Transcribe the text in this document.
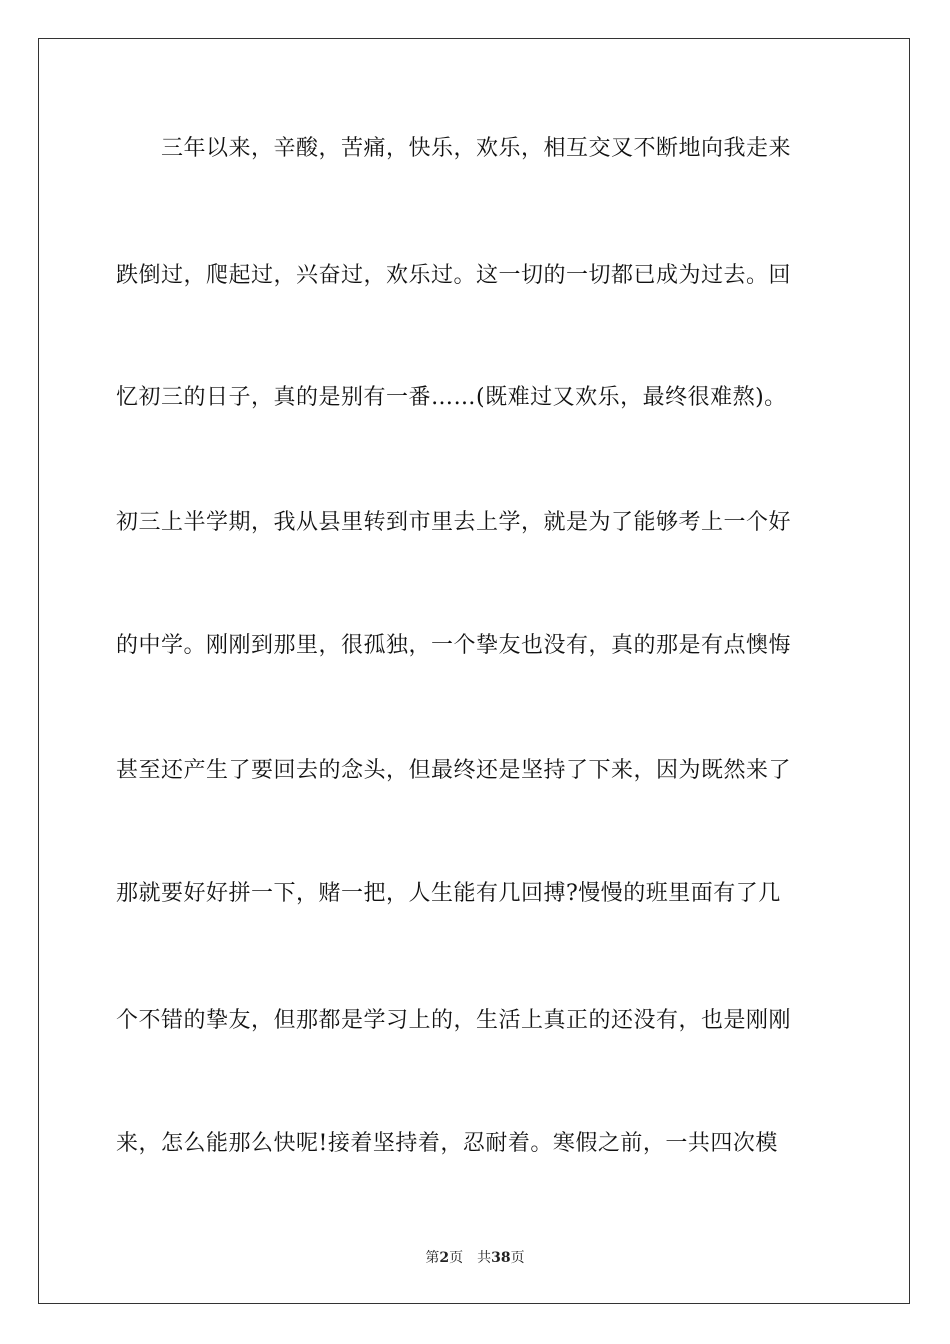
　　三年以来，辛酸，苦痛，快乐，欢乐，相互交叉不断地向我走来
跌倒过，爬起过，兴奋过，欢乐过。这一切的一切都已成为过去。回
忆初三的日子，真的是别有一番……(既难过又欢乐，最终很难熬)。
初三上半学期，我从县里转到市里去上学，就是为了能够考上一个好
的中学。刚刚到那里，很孤独，一个挚友也没有，真的那是有点懊悔
甚至还产生了要回去的念头，但最终还是坚持了下来，因为既然来了
那就要好好拼一下，赌一把，人生能有几回搏?慢慢的班里面有了几
个不错的挚友，但那都是学习上的，生活上真正的还没有，也是刚刚
来，怎么能那么快呢!接着坚持着，忍耐着。寒假之前，一共四次模
第2页 共38页
